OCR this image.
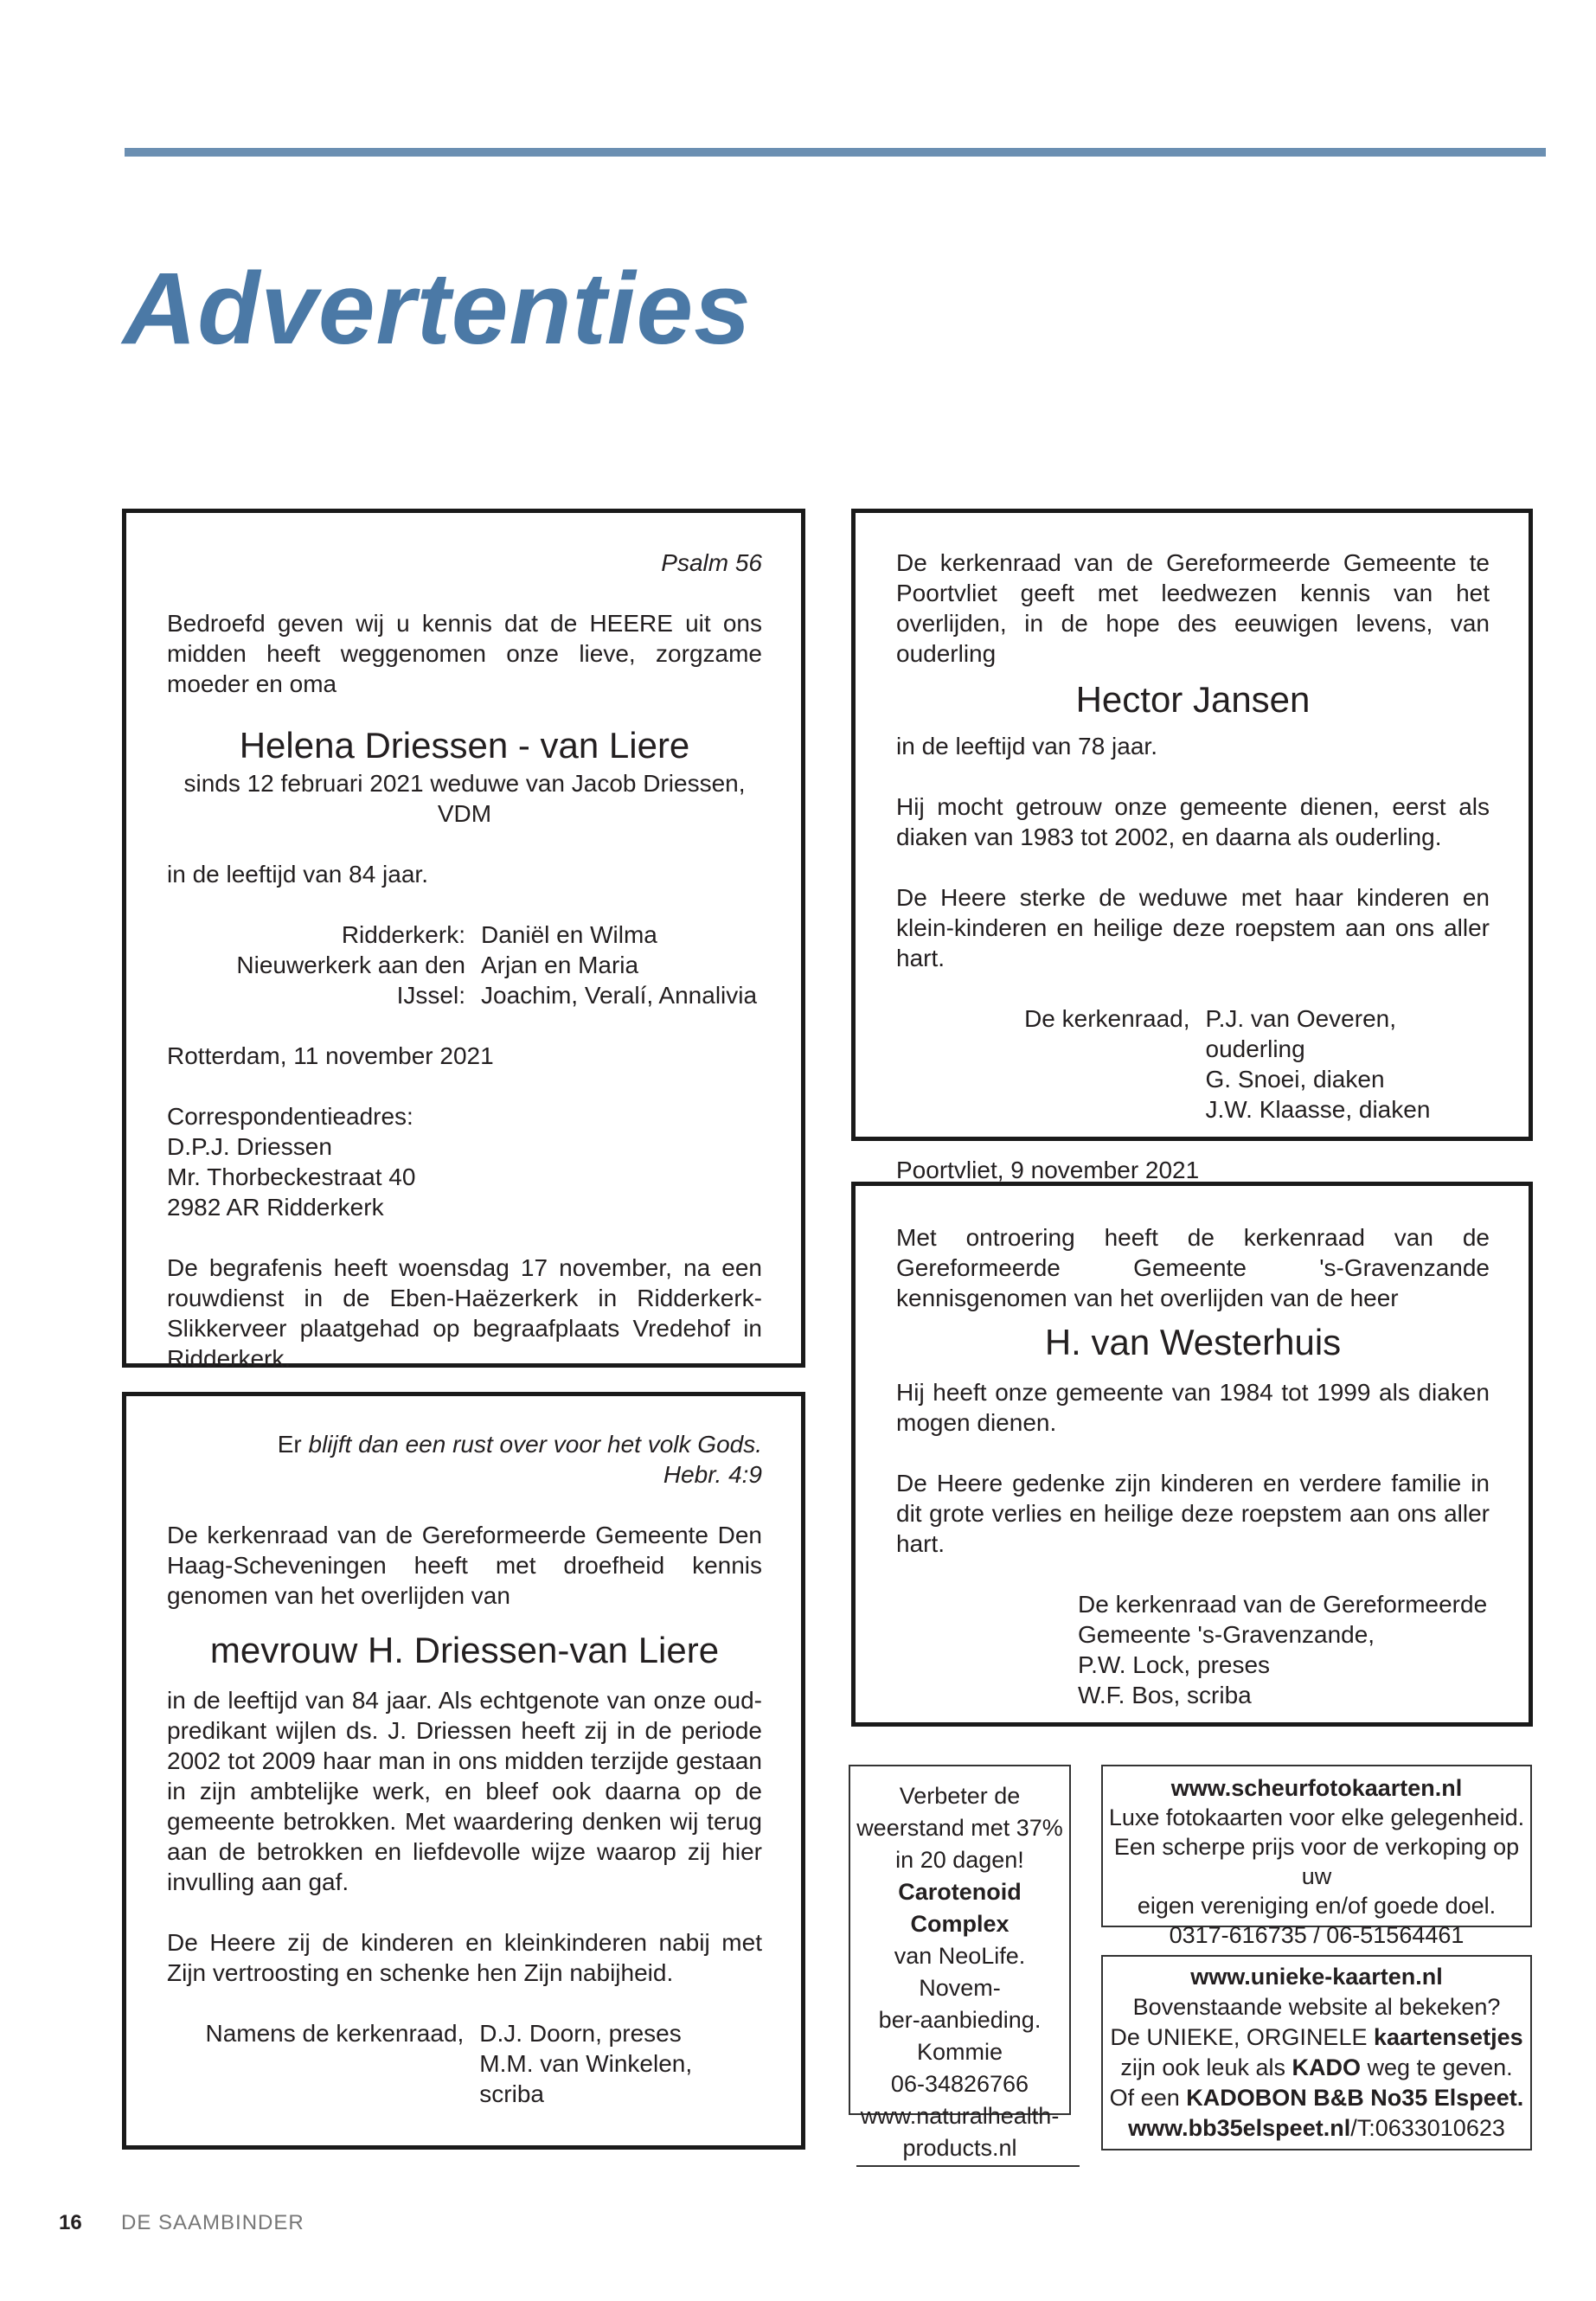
Advertenties

Psalm 56

Bedroefd geven wij u kennis dat de HEERE uit ons midden heeft weggenomen onze lieve, zorgzame moeder en oma

Helena Driessen - van Liere

sinds 12 februari 2021 weduwe van Jacob Driessen, VDM

in de leeftijd van 84 jaar.

Ridderkerk:

Nieuwerkerk aan den IJssel:

Daniël en Wilma

Arjan en Maria

Joachim, Veralí, Annalivia

Rotterdam, 11 november 2021

Correspondentieadres:

D.P.J. Driessen

Mr. Thorbeckestraat 40

2982 AR Ridderkerk

De begrafenis heeft woensdag 17 november, na een rouwdienst in de Eben-Haëzerkerk in Ridderkerk-Slikkerveer plaatgehad op begraafplaats Vredehof in Ridderkerk.

Er blijft dan een rust over voor het volk Gods.

Hebr. 4:9

De kerkenraad van de Gereformeerde Gemeente Den Haag-Scheveningen heeft met droefheid kennis genomen van het overlijden van

mevrouw H. Driessen-van Liere

in de leeftijd van 84 jaar. Als echtgenote van onze oud-predikant wijlen ds. J. Driessen heeft zij in de periode 2002 tot 2009 haar man in ons midden terzijde gestaan in zijn ambtelijke werk, en bleef ook daarna op de gemeente betrokken. Met waardering denken wij terug aan de betrokken en liefdevolle wijze waarop zij hier invulling aan gaf.

De Heere zij de kinderen en kleinkinderen nabij met Zijn vertroosting en schenke hen Zijn nabijheid.

Namens de kerkenraad, D.J. Doorn, preses

M.M. van Winkelen, scriba

De kerkenraad van de Gereformeerde Gemeente te Poortvliet geeft met leedwezen kennis van het overlijden, in de hope des eeuwigen levens, van ouderling

Hector Jansen

in de leeftijd van 78 jaar.

Hij mocht getrouw onze gemeente dienen, eerst als diaken van 1983 tot 2002, en daarna als ouderling.

De Heere sterke de weduwe met haar kinderen en klein-kinderen en heilige deze roepstem aan ons aller hart.

De kerkenraad, P.J. van Oeveren, ouderling

G. Snoei, diaken

J.W. Klaasse, diaken

Poortvliet, 9 november 2021

Met ontroering heeft de kerkenraad van de Gereformeerde Gemeente 's-Gravenzande kennisgenomen van het overlijden van de heer

H. van Westerhuis

Hij heeft onze gemeente van 1984 tot 1999 als diaken mogen dienen.

De Heere gedenke zijn kinderen en verdere familie in dit grote verlies en heilige deze roepstem aan ons aller hart.

De kerkenraad van de Gereformeerde

Gemeente 's-Gravenzande,

P.W. Lock, preses

W.F. Bos, scriba

Verbeter de

weerstand met 37%

in 20 dagen!

Carotenoid Complex

van NeoLife. Novem-

ber-aanbieding.

Kommie

06-34826766

www.naturalhealth-

products.nl

www.scheurfotokaarten.nl

Luxe fotokaarten voor elke gelegenheid.

Een scherpe prijs voor de verkoping op uw

eigen vereniging en/of goede doel.

0317-616735 / 06-51564461

www.unieke-kaarten.nl

Bovenstaande website al bekeken?

De UNIEKE, ORGINELE kaartensetjes

zijn ook leuk als KADO weg te geven.

Of een KADOBON B&B No35 Elspeet.

www.bb35elspeet.nl/T:0633010623

16 DE SAAMBINDER
